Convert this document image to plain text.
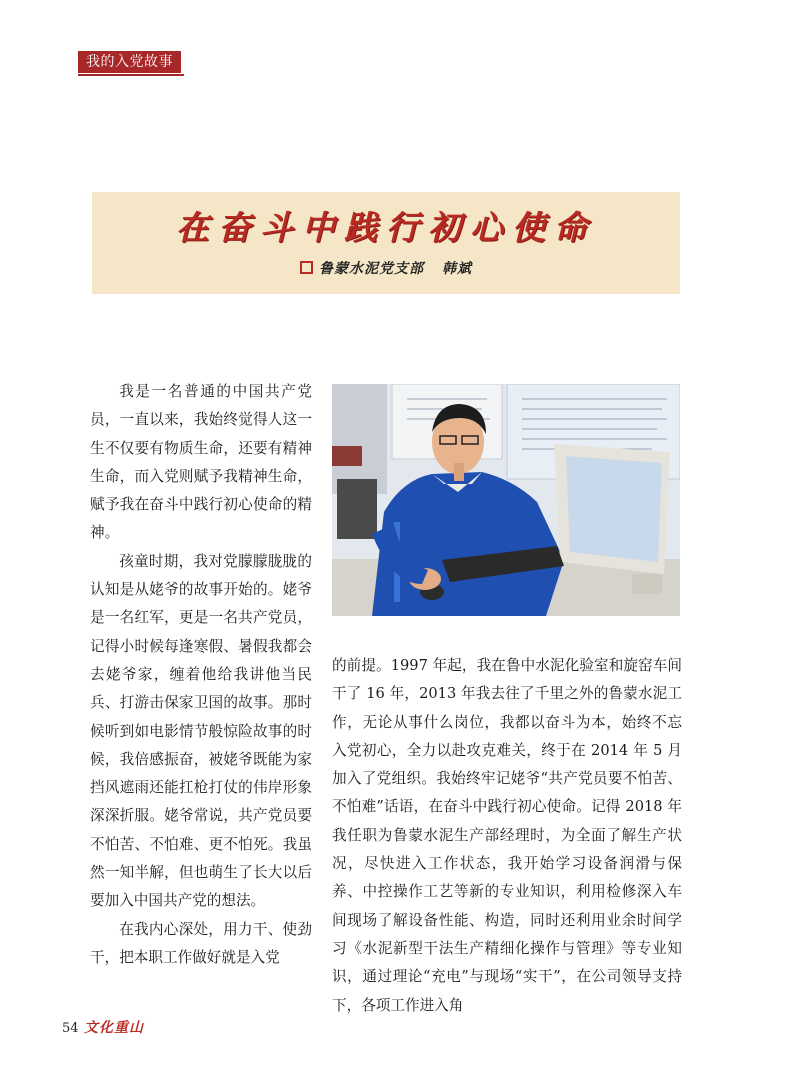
我的入党故事
在奋斗中践行初心使命
鲁蒙水泥党支部 韩斌

我是一名普通的中国共产党员，一直以来，我始终觉得人这一生不仅要有物质生命，还要有精神生命，而入党则赋予我精神生命，赋予我在奋斗中践行初心使命的精神。

孩童时期，我对党朦朦胧胧的认知是从姥爷的故事开始的。姥爷是一名红军，更是一名共产党员，记得小时候每逢寒假、暑假我都会去姥爷家，缠着他给我讲他当民兵、打游击保家卫国的故事。那时候听到如电影情节般惊险故事的时候，我倍感振奋，被姥爷既能为家挡风遮雨还能扛枪打仗的伟岸形象深深折服。姥爷常说，共产党员要不怕苦、不怕难、更不怕死。我虽然一知半解，但也萌生了长大以后要加入中国共产党的想法。

在我内心深处，用力干、使劲干，把本职工作做好就是入党

的前提。1997 年起，我在鲁中水泥化验室和旋窑车间干了 16 年，2013 年我去往了千里之外的鲁蒙水泥工作，无论从事什么岗位，我都以奋斗为本，始终不忘入党初心，全力以赴攻克难关，终于在 2014 年 5 月加入了党组织。我始终牢记姥爷“共产党员要不怕苦、不怕难”话语，在奋斗中践行初心使命。记得 2018 年我任职为鲁蒙水泥生产部经理时，为全面了解生产状况，尽快进入工作状态，我开始学习设备润滑与保养、中控操作工艺等新的专业知识，利用检修深入车间现场了解设备性能、构造，同时还利用业余时间学习《水泥新型干法生产精细化操作与管理》等专业知识，通过理论“充电”与现场“实干”，在公司领导支持下，各项工作进入角

54 文化重山
